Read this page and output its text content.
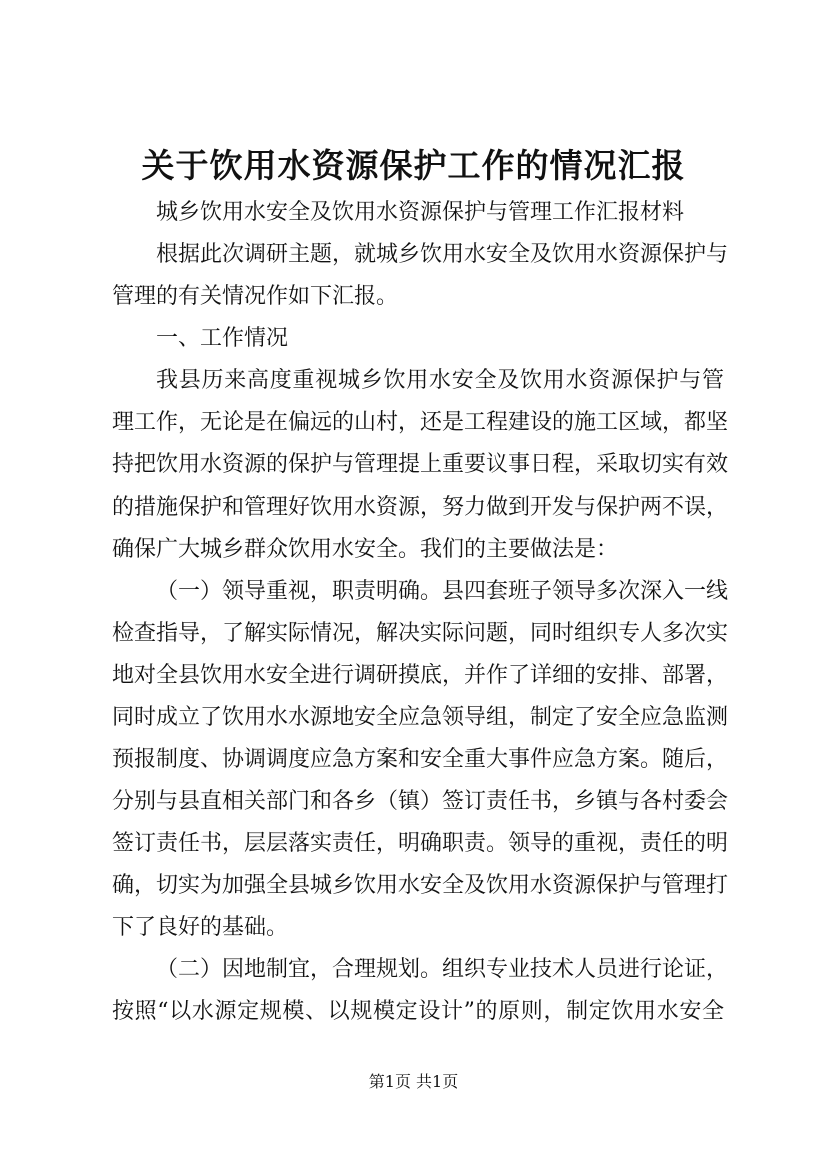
关于饮用水资源保护工作的情况汇报
城乡饮用水安全及饮用水资源保护与管理工作汇报材料
根据此次调研主题，就城乡饮用水安全及饮用水资源保护与
管理的有关情况作如下汇报。
一、工作情况
我县历来高度重视城乡饮用水安全及饮用水资源保护与管
理工作，无论是在偏远的山村，还是工程建设的施工区域，都坚
持把饮用水资源的保护与管理提上重要议事日程，采取切实有效
的措施保护和管理好饮用水资源，努力做到开发与保护两不误，
确保广大城乡群众饮用水安全。我们的主要做法是：
（一）领导重视，职责明确。县四套班子领导多次深入一线
检查指导，了解实际情况，解决实际问题，同时组织专人多次实
地对全县饮用水安全进行调研摸底，并作了详细的安排、部署，
同时成立了饮用水水源地安全应急领导组，制定了安全应急监测
预报制度、协调调度应急方案和安全重大事件应急方案。随后，
分别与县直相关部门和各乡（镇）签订责任书，乡镇与各村委会
签订责任书，层层落实责任，明确职责。领导的重视，责任的明
确，切实为加强全县城乡饮用水安全及饮用水资源保护与管理打
下了良好的基础。
（二）因地制宜，合理规划。组织专业技术人员进行论证，
按照“以水源定规模、以规模定设计”的原则，制定饮用水安全
第1页 共1页
